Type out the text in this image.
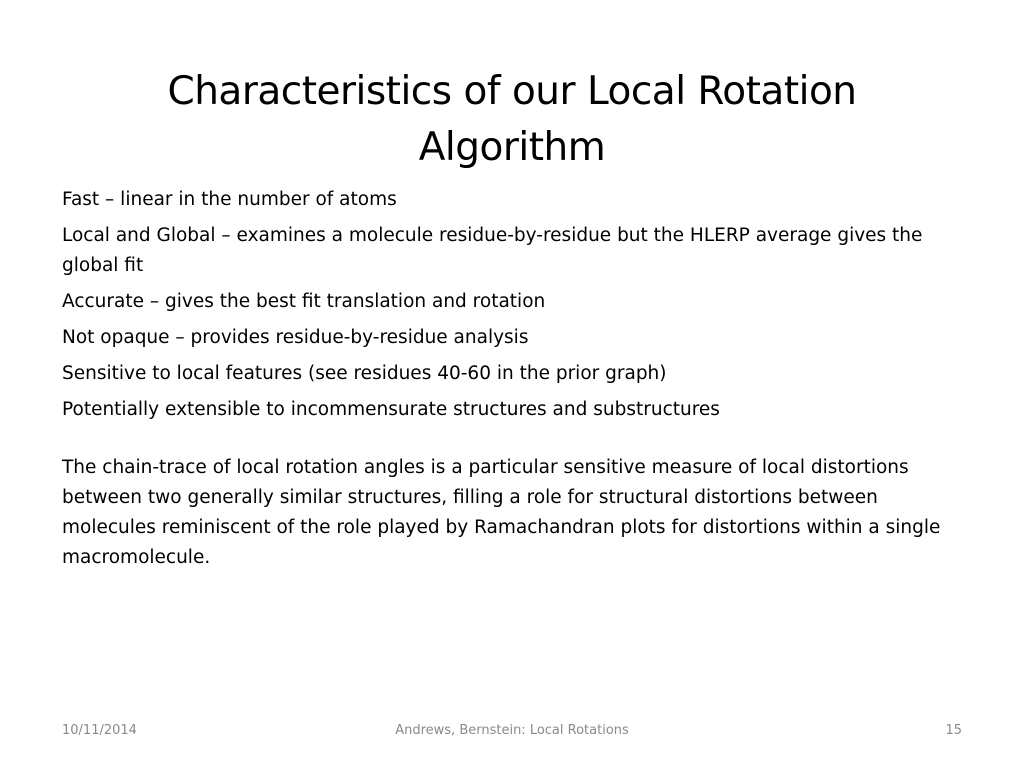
Characteristics of our Local Rotation
Algorithm
Fast – linear in the number of atoms
Local and Global – examines a molecule residue-by-residue but the HLERP average gives the global fit
Accurate – gives the best fit translation and rotation
Not opaque – provides residue-by-residue analysis
Sensitive to local features (see residues 40-60 in the prior graph)
Potentially extensible to incommensurate structures and substructures

The chain-trace of local rotation angles is a particular sensitive measure of local distortions between two generally similar structures, filling a role for structural distortions between molecules reminiscent of the role played by Ramachandran plots for distortions within a single macromolecule.

10/11/2014	Andrews, Bernstein: Local Rotations	15
